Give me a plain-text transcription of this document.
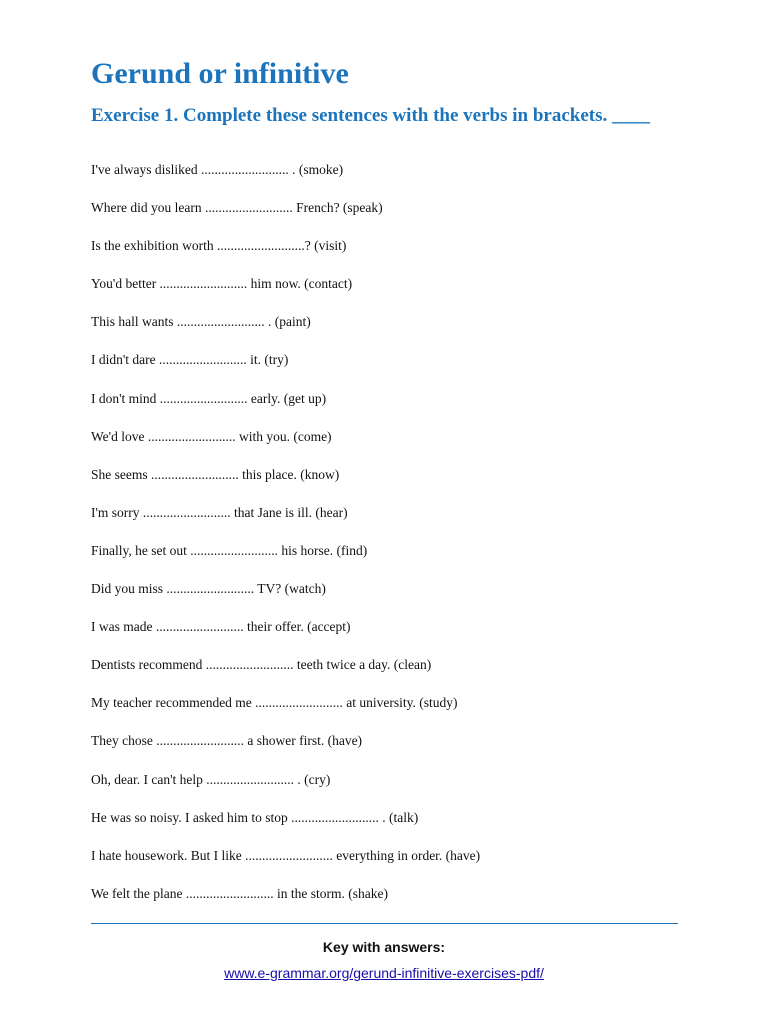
Gerund or infinitive
Exercise 1. Complete these sentences with the verbs in brackets. ____
I've always disliked .......................... . (smoke)
Where did you learn .......................... French? (speak)
Is the exhibition worth ..........................? (visit)
You'd better .......................... him now. (contact)
This hall wants .......................... . (paint)
I didn't dare .......................... it. (try)
I don't mind .......................... early. (get up)
We'd love .......................... with you. (come)
She seems .......................... this place. (know)
I'm sorry .......................... that Jane is ill. (hear)
Finally, he set out .......................... his horse. (find)
Did you miss .......................... TV? (watch)
I was made .......................... their offer. (accept)
Dentists recommend .......................... teeth twice a day. (clean)
My teacher recommended me .......................... at university. (study)
They chose .......................... a shower first. (have)
Oh, dear. I can't help .......................... . (cry)
He was so noisy. I asked him to stop .......................... . (talk)
I hate housework. But I like .......................... everything in order. (have)
We felt the plane .......................... in the storm. (shake)
Key with answers:
www.e-grammar.org/gerund-infinitive-exercises-pdf/
